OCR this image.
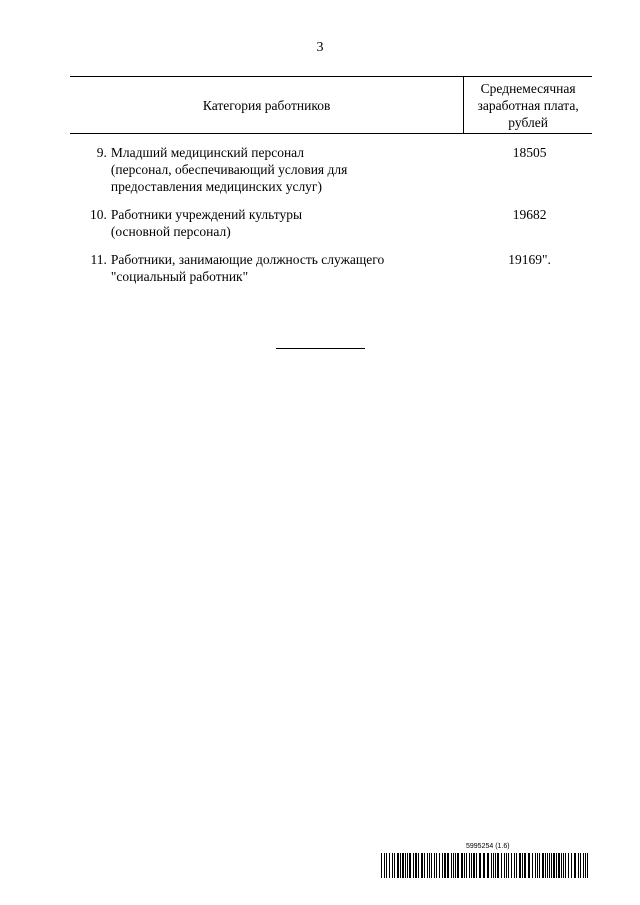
3
Категория работников
Среднемесячная
заработная плата,
рублей
9. Младший медицинский персонал
(персонал, обеспечивающий условия для
предоставления медицинских услуг)
18505
10. Работники учреждений культуры
(основной персонал)
19682
11. Работники, занимающие должность служащего
"социальный работник"
19169".
5995254 (1.6)
